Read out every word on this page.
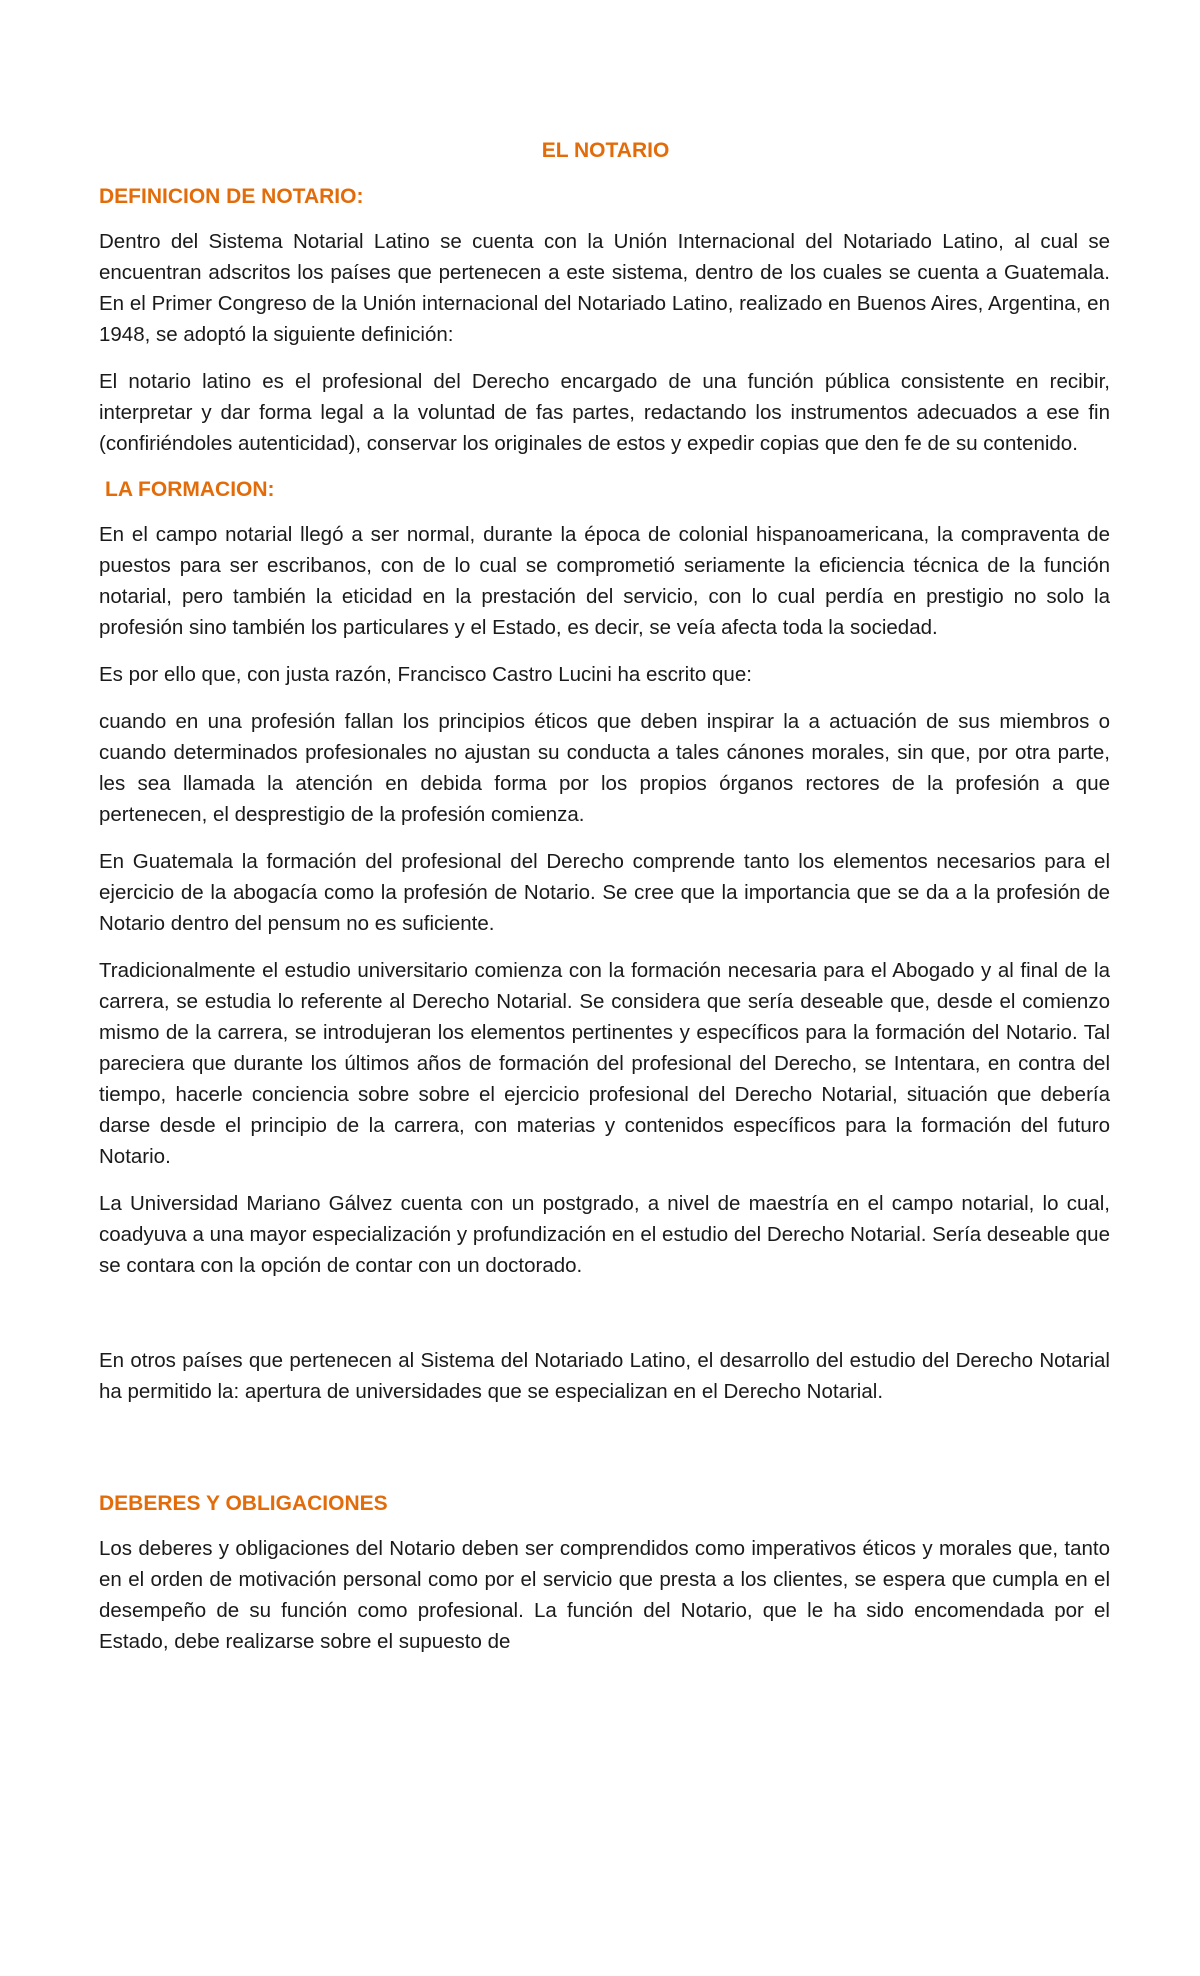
EL NOTARIO
DEFINICION DE NOTARIO:

Dentro del Sistema Notarial Latino se cuenta con la Unión Internacional del Notariado Latino, al cual se encuentran adscritos los países que pertenecen a este sistema, dentro de los cuales se cuenta a Guatemala. En el Primer Congreso de la Unión internacional del Notariado Latino, realizado en Buenos Aires, Argentina, en 1948, se adoptó la siguiente definición:

El notario latino es el profesional del Derecho encargado de una función pública consistente en recibir, interpretar y dar forma legal a la voluntad de fas partes, redactando los instrumentos adecuados a ese fin (confiriéndoles autenticidad), conservar los originales de estos y expedir copias que den fe de su contenido.

LA FORMACION:

En el campo notarial llegó a ser normal, durante la época de colonial hispanoamericana, la compraventa de puestos para ser escribanos, con de lo cual se comprometió seriamente la eficiencia técnica de la función notarial, pero también la eticidad en la prestación del servicio, con lo cual perdía en prestigio no solo la profesión sino también los particulares y el Estado, es decir, se veía afecta toda la sociedad.

Es por ello que, con justa razón, Francisco Castro Lucini ha escrito que:

cuando en una profesión fallan los principios éticos que deben inspirar la a actuación de sus miembros o cuando determinados profesionales no ajustan su conducta a tales cánones morales, sin que, por otra parte, les sea llamada la atención en debida forma por los propios órganos rectores de la profesión a que pertenecen, el desprestigio de la profesión comienza.

En Guatemala la formación del profesional del Derecho comprende tanto los elementos necesarios para el ejercicio de la abogacía como la profesión de Notario. Se cree que la importancia que se da a la profesión de Notario dentro del pensum no es suficiente.

Tradicionalmente el estudio universitario comienza con la formación necesaria para el Abogado y al final de la carrera, se estudia lo referente al Derecho Notarial. Se considera que sería deseable que, desde el comienzo mismo de la carrera, se introdujeran los elementos pertinentes y específicos para la formación del Notario. Tal pareciera que durante los últimos años de formación del profesional del Derecho, se Intentara, en contra del tiempo, hacerle conciencia sobre sobre el ejercicio profesional del Derecho Notarial, situación que debería darse desde el principio de la carrera, con materias y contenidos específicos para la formación del futuro Notario.

La Universidad Mariano Gálvez cuenta con un postgrado, a nivel de maestría en el campo notarial, lo cual, coadyuva a una mayor especialización y profundización en el estudio del Derecho Notarial. Sería deseable que se contara con la opción de contar con un doctorado.

En otros países que pertenecen al Sistema del Notariado Latino, el desarrollo del estudio del Derecho Notarial ha permitido la: apertura de universidades que se especializan en el Derecho Notarial.

DEBERES Y OBLIGACIONES

Los deberes y obligaciones del Notario deben ser comprendidos como imperativos éticos y morales que, tanto en el orden de motivación personal como por el servicio que presta a los clientes, se espera que cumpla en el desempeño de su función como profesional. La función del Notario, que le ha sido encomendada por el Estado, debe realizarse sobre el supuesto de
